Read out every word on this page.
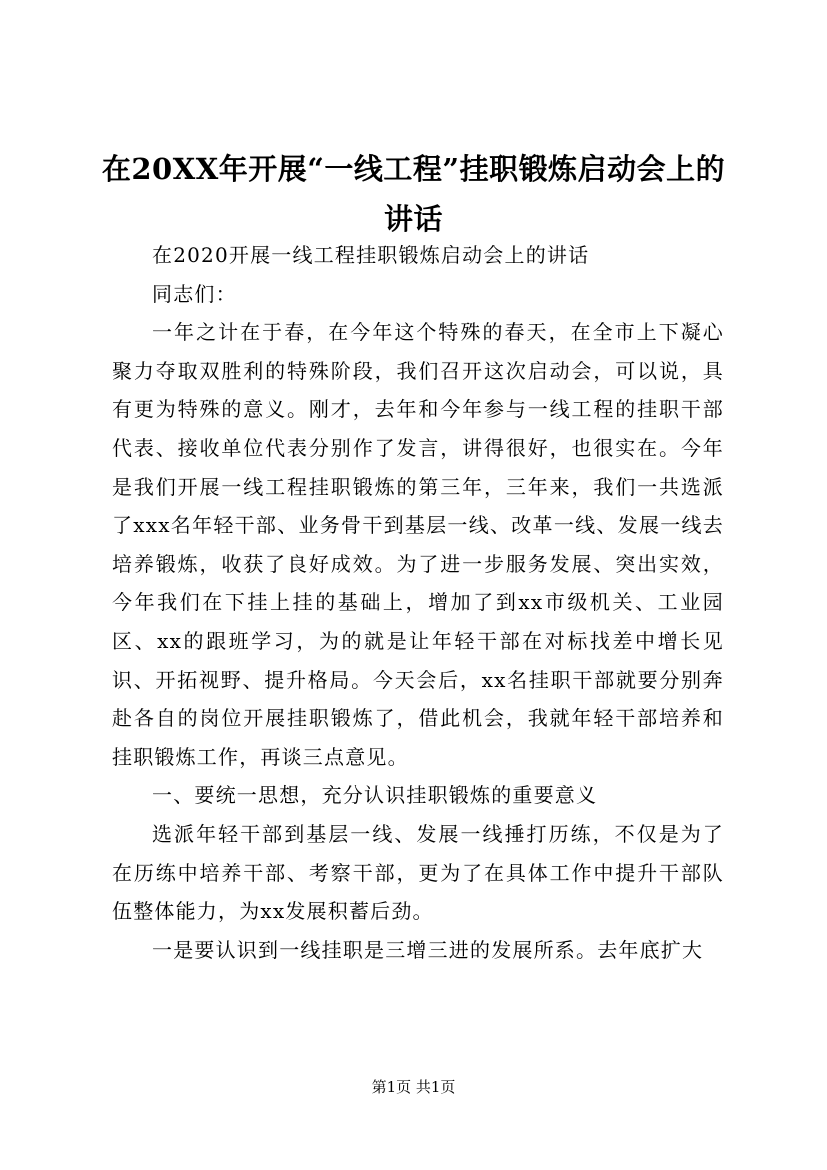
在20XX年开展“一线工程”挂职锻炼启动会上的讲话

在2020开展一线工程挂职锻炼启动会上的讲话

同志们：

一年之计在于春，在今年这个特殊的春天，在全市上下凝心聚力夺取双胜利的特殊阶段，我们召开这次启动会，可以说，具有更为特殊的意义。刚才，去年和今年参与一线工程的挂职干部代表、接收单位代表分别作了发言，讲得很好，也很实在。今年是我们开展一线工程挂职锻炼的第三年，三年来，我们一共选派了xxx名年轻干部、业务骨干到基层一线、改革一线、发展一线去培养锻炼，收获了良好成效。为了进一步服务发展、突出实效，今年我们在下挂上挂的基础上，增加了到xx市级机关、工业园区、xx的跟班学习，为的就是让年轻干部在对标找差中增长见识、开拓视野、提升格局。今天会后，xx名挂职干部就要分别奔赴各自的岗位开展挂职锻炼了，借此机会，我就年轻干部培养和挂职锻炼工作，再谈三点意见。

一、要统一思想，充分认识挂职锻炼的重要意义

选派年轻干部到基层一线、发展一线捶打历练，不仅是为了在历练中培养干部、考察干部，更为了在具体工作中提升干部队伍整体能力，为xx发展积蓄后劲。

一是要认识到一线挂职是三增三进的发展所系。去年底扩大

第1页 共1页
